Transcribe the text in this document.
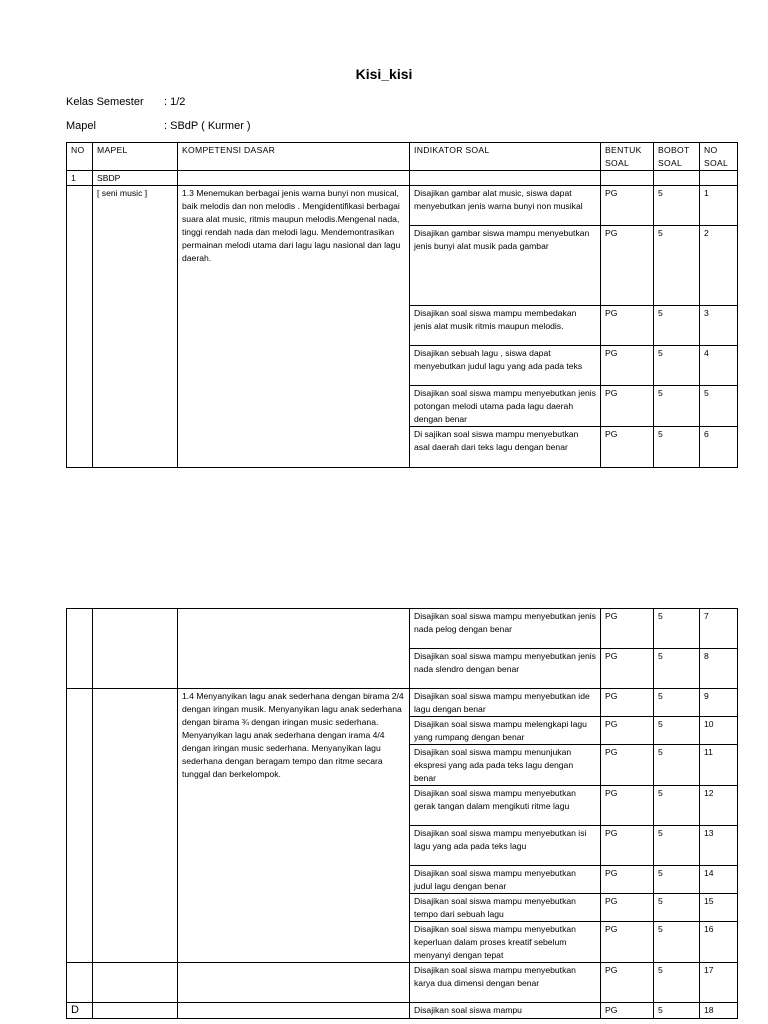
Kisi_kisi
Kelas Semester : 1/2
Mapel	: SBdP ( Kurmer )
NO	MAPEL	KOMPETENSI DASAR	INDIKATOR SOAL	BENTUK SOAL	BOBOT SOAL	NO SOAL
1	SBDP					
	[ seni music ]	1.3 Menemukan berbagai jenis warna bunyi non musical, baik melodis dan non melodis . Mengidentifikasi berbagai suara alat music, ritmis maupun melodis.Mengenal nada, tinggi rendah nada dan melodi lagu. Mendemontrasikan permainan melodi utama dari lagu lagu nasional dan lagu daerah.	Disajikan gambar alat music, siswa dapat menyebutkan jenis warna bunyi non musikal	PG	5	1
			Disajikan gambar siswa mampu menyebutkan jenis bunyi alat musik pada gambar	PG	5	2
			Disajikan soal siswa mampu membedakan jenis alat musik ritmis maupun melodis.	PG	5	3
			Disajikan sebuah lagu , siswa dapat menyebutkan judul lagu yang ada pada teks	PG	5	4
			Disajikan soal siswa mampu menyebutkan jenis potongan melodi utama pada lagu daerah dengan benar	PG	5	5
			Di sajikan soal siswa mampu menyebutkan asal daerah dari teks lagu dengan benar	PG	5	6
			Disajikan soal siswa mampu menyebutkan jenis nada pelog dengan benar	PG	5	7
			Disajikan soal siswa mampu menyebutkan jenis nada slendro dengan benar	PG	5	8
		1.4 Menyanyikan lagu anak sederhana dengan birama 2/4 dengan iringan musik. Menyanyikan lagu anak sederhana dengan birama ¾ dengan iringan music sederhana. Menyanyikan lagu anak sederhana dengan irama 4/4 dengan iringan music sederhana. Menyanyikan lagu sederhana dengan beragam tempo dan ritme secara tunggal dan berkelompok.	Disajikan soal siswa mampu menyebutkan ide lagu dengan benar	PG	5	9
			Disajikan soal siswa mampu melengkapi lagu yang rumpang dengan benar	PG	5	10
			Disajikan soal siswa mampu menunjukan ekspresi yang ada pada teks lagu dengan benar	PG	5	11
			Disajikan soal siswa mampu menyebutkan gerak tangan dalam mengikuti ritme lagu	PG	5	12
			Disajikan soal siswa mampu menyebutkan isi lagu yang ada pada teks lagu	PG	5	13
			Disajikan soal siswa mampu menyebutkan judul lagu dengan benar	PG	5	14
			Disajikan soal siswa mampu menyebutkan tempo dari sebuah lagu	PG	5	15
			Disajikan soal siswa mampu menyebutkan keperluan dalam proses kreatif sebelum menyanyi dengan tepat	PG	5	16
			Disajikan soal siswa mampu menyebutkan karya dua dimensi dengan benar	PG	5	17
D			Disajikan soal siswa mampu	PG	5	18
